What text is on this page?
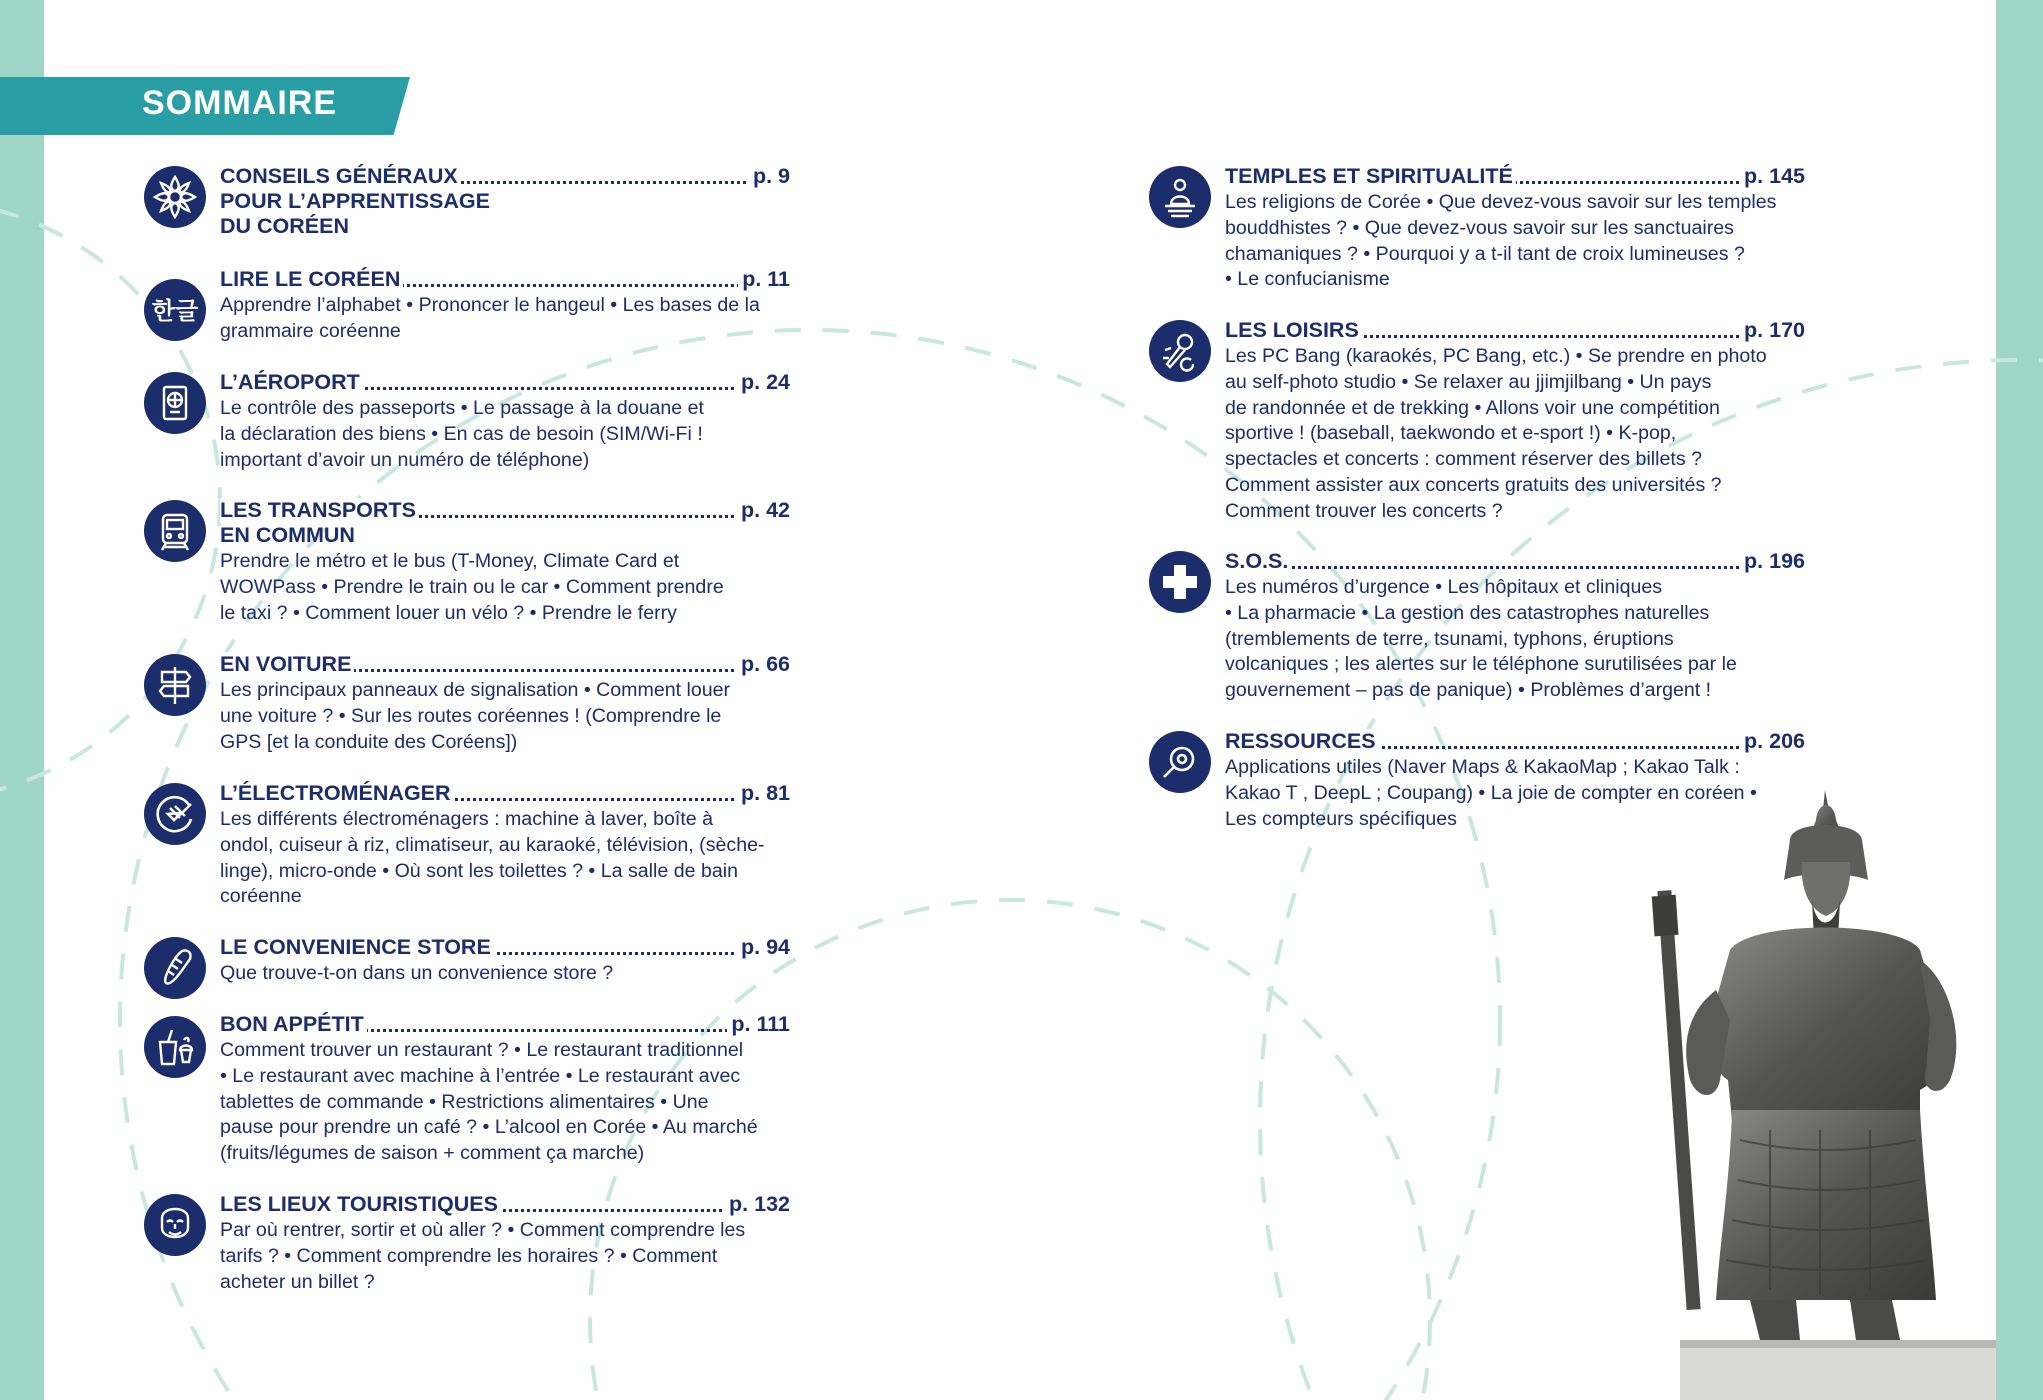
SOMMAIRE
CONSEILS GÉNÉRAUX	p. 9
POUR L’APPRENTISSAGE
DU CORÉEN
한글
LIRE LE CORÉEN	p. 11
Apprendre l’alphabet • Prononcer le hangeul • Les bases de la
grammaire coréenne
L’AÉROPORT	p. 24
Le contrôle des passeports • Le passage à la douane et
la déclaration des biens • En cas de besoin (SIM/Wi-Fi !
important d’avoir un numéro de téléphone)
LES TRANSPORTS	p. 42
EN COMMUN
Prendre le métro et le bus (T-Money, Climate Card et
WOWPass • Prendre le train ou le car • Comment prendre
le taxi ? • Comment louer un vélo ? • Prendre le ferry
EN VOITURE	p. 66
Les principaux panneaux de signalisation • Comment louer
une voiture ? • Sur les routes coréennes ! (Comprendre le
GPS [et la conduite des Coréens])
L’ÉLECTROMÉNAGER	p. 81
Les différents électroménagers : machine à laver, boîte à
ondol, cuiseur à riz, climatiseur, au karaoké, télévision, (sèche-
linge), micro-onde • Où sont les toilettes ? • La salle de bain
coréenne
LE CONVENIENCE STORE	p. 94
Que trouve-t-on dans un convenience store ?
BON APPÉTIT	p. 111
Comment trouver un restaurant ? • Le restaurant traditionnel
• Le restaurant avec machine à l’entrée • Le restaurant avec
tablettes de commande • Restrictions alimentaires • Une
pause pour prendre un café ? • L’alcool en Corée • Au marché
(fruits/légumes de saison + comment ça marche)
LES LIEUX TOURISTIQUES	p. 132
Par où rentrer, sortir et où aller ? • Comment comprendre les
tarifs ? • Comment comprendre les horaires ? • Comment
acheter un billet ?
TEMPLES ET SPIRITUALITÉ	p. 145
Les religions de Corée • Que devez-vous savoir sur les temples
bouddhistes ? • Que devez-vous savoir sur les sanctuaires
chamaniques ? • Pourquoi y a t-il tant de croix lumineuses ?
• Le confucianisme
LES LOISIRS	p. 170
Les PC Bang (karaokés, PC Bang, etc.) • Se prendre en photo
au self-photo studio • Se relaxer au jjimjilbang • Un pays
de randonnée et de trekking • Allons voir une compétition
sportive ! (baseball, taekwondo et e-sport !) • K-pop,
spectacles et concerts : comment réserver des billets ?
Comment assister aux concerts gratuits des universités ?
Comment trouver les concerts ?
S.O.S.	p. 196
Les numéros d’urgence • Les hôpitaux et cliniques
• La pharmacie • La gestion des catastrophes naturelles
(tremblements de terre, tsunami, typhons, éruptions
volcaniques ; les alertes sur le téléphone surutilisées par le
gouvernement – pas de panique) • Problèmes d’argent !
RESSOURCES	p. 206
Applications utiles (Naver Maps & KakaoMap ; Kakao Talk :
Kakao T , DeepL ; Coupang) • La joie de compter en coréen •
Les compteurs spécifiques
